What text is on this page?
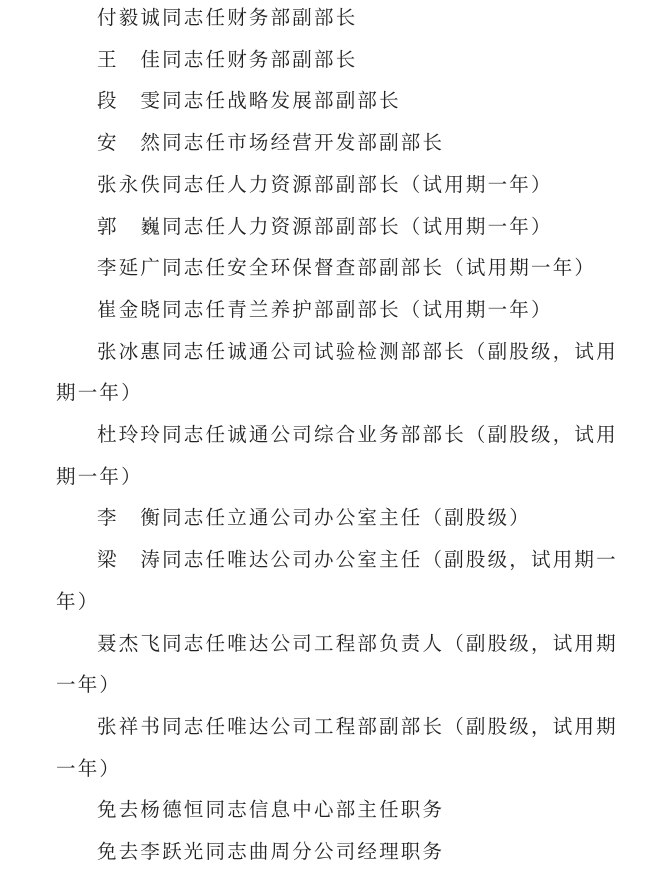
付毅诚同志任财务部副部长

王　佳同志任财务部副部长

段　雯同志任战略发展部副部长

安　然同志任市场经营开发部副部长

张永佚同志任人力资源部副部长（试用期一年）

郭　巍同志任人力资源部副部长（试用期一年）

李延广同志任安全环保督查部副部长（试用期一年）

崔金晓同志任青兰养护部副部长（试用期一年）

张冰惠同志任诚通公司试验检测部部长（副股级，试用期一年）

杜玲玲同志任诚通公司综合业务部部长（副股级，试用期一年）

李　衡同志任立通公司办公室主任（副股级）

梁　涛同志任唯达公司办公室主任（副股级，试用期一年）

聂杰飞同志任唯达公司工程部负责人（副股级，试用期一年）

张祥书同志任唯达公司工程部副部长（副股级，试用期一年）

免去杨德恒同志信息中心部主任职务

免去李跃光同志曲周分公司经理职务
